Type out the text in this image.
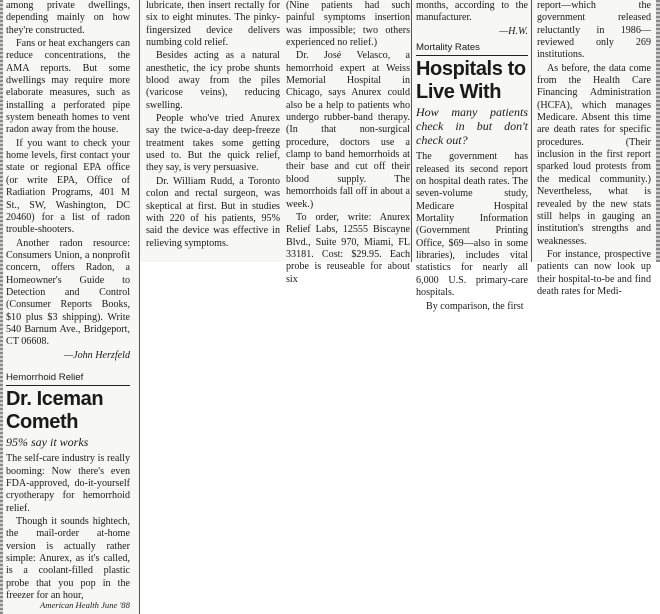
among private dwellings, depending mainly on how they're constructed.

Fans or heat exchangers can reduce concentrations, the AMA reports. But some dwellings may require more elaborate measures, such as installing a perforated pipe system beneath homes to vent radon away from the house.

If you want to check your home levels, first contact your state or regional EPA office (or write EPA, Office of Radiation Programs, 401 M St., SW, Washington, DC 20460) for a list of radon trouble-shooters.

Another radon resource: Consumers Union, a nonprofit concern, offers Radon, a Homeowner's Guide to Detection and Control (Consumer Reports Books, $10 plus $3 shipping). Write 540 Barnum Ave., Bridgeport, CT 06608.

—John Herzfeld

Hemorrhoid Relief
Dr. Iceman
Cometh
95% say it works

The self-care industry is really booming: Now there's even FDA-approved, do-it-yourself cryotherapy for hemorrhoid relief.

Though it sounds hightech, the mail-order at-home version is actually rather simple: Anurex, as it's called, is a coolant-filled plastic probe that you pop in the freezer for an hour,

lubricate, then insert rectally for six to eight minutes. The pinky-fingersized device delivers numbing cold relief.

Besides acting as a natural anesthetic, the icy probe shunts blood away from the piles (varicose veins), reducing swelling.

People who've tried Anurex say the twice-a-day deep-freeze treatment takes some getting used to. But the quick relief, they say, is very persuasive.

Dr. William Rudd, a Toronto colon and rectal surgeon, was skeptical at first. But in studies with 220 of his patients, 95% said the device was effective in relieving symptoms.

(Nine patients had such painful symptoms insertion was impossible; two others experienced no relief.)

Dr. José Velasco, a hemorrhoid expert at Weiss Memorial Hospital in Chicago, says Anurex could also be a help to patients who undergo rubber-band therapy. (In that non-surgical procedure, doctors use a clamp to band hemorrhoids at their base and cut off their blood supply. The hemorrhoids fall off in about a week.)

To order, write: Anurex Relief Labs, 12555 Biscayne Blvd., Suite 970, Miami, FL 33181. Cost: $29.95. Each probe is reuseable for about six

months, according to the manufacturer.

—H.W.

Mortality Rates
Hospitals to
Live With
How many patients check in but don't check out?

The government has released its second report on hospital death rates. The seven-volume study, Medicare Hospital Mortality Information (Government Printing Office, $69—also in some libraries), includes vital statistics for nearly all 6,000 U.S. primary-care hospitals.

By comparison, the first

report—which the government released reluctantly in 1986—reviewed only 269 institutions.

As before, the data come from the Health Care Financing Administration (HCFA), which manages Medicare. Absent this time are death rates for specific procedures. (Their inclusion in the first report sparked loud protests from the medical community.) Nevertheless, what is revealed by the new stats still helps in gauging an institution's strengths and weaknesses.

For instance, prospective patients can now look up their hospital-to-be and find death rates for Medi-

American Health June '88
